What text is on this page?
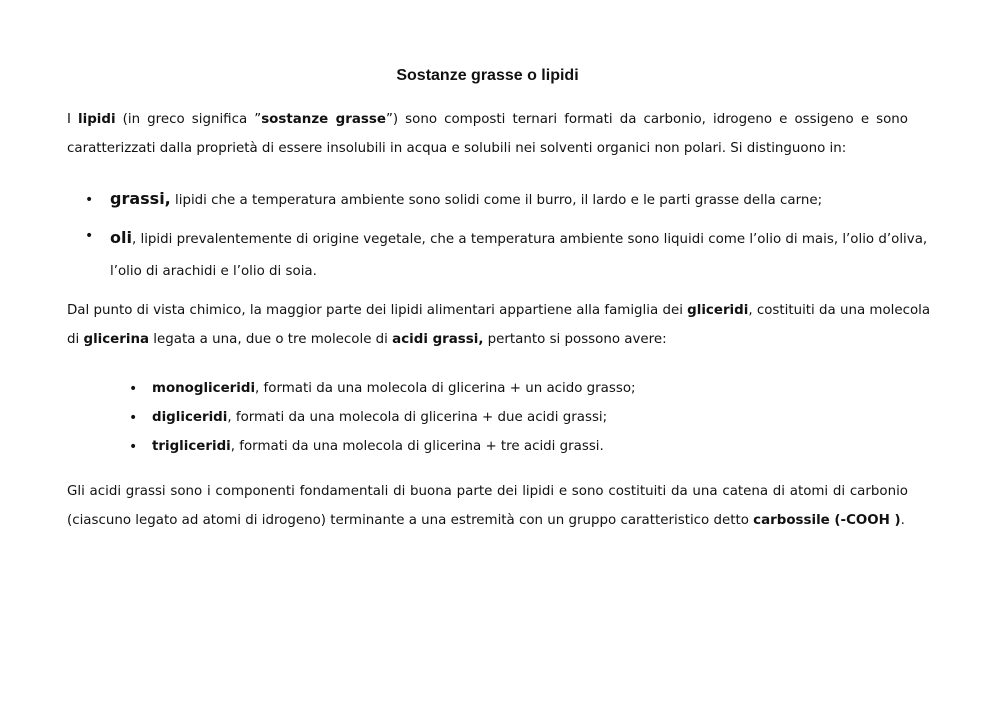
Sostanze grasse o lipidi

I lipidi (in greco significa ”sostanze grasse”) sono composti ternari formati da carbonio, idrogeno e ossigeno e sono
caratterizzati dalla proprietà di essere insolubili in acqua e solubili nei solventi organici non polari. Si distinguono in:

• grassi, lipidi che a temperatura ambiente sono solidi come il burro, il lardo e le parti grasse della carne;
• oli, lipidi prevalentemente di origine vegetale, che a temperatura ambiente sono liquidi come l’olio di mais, l’olio d’oliva,
l’olio di arachidi e l’olio di soia.

Dal punto di vista chimico, la maggior parte dei lipidi alimentari appartiene alla famiglia dei gliceridi, costituiti da una molecola
di glicerina legata a una, due o tre molecole di acidi grassi, pertanto si possono avere:

• monogliceridi, formati da una molecola di glicerina + un acido grasso;
• digliceridi, formati da una molecola di glicerina + due acidi grassi;
• trigliceridi, formati da una molecola di glicerina + tre acidi grassi.

Gli acidi grassi sono i componenti fondamentali di buona parte dei lipidi e sono costituiti da una catena di atomi di carbonio
(ciascuno legato ad atomi di idrogeno) terminante a una estremità con un gruppo caratteristico detto carbossile (-COOH ).
